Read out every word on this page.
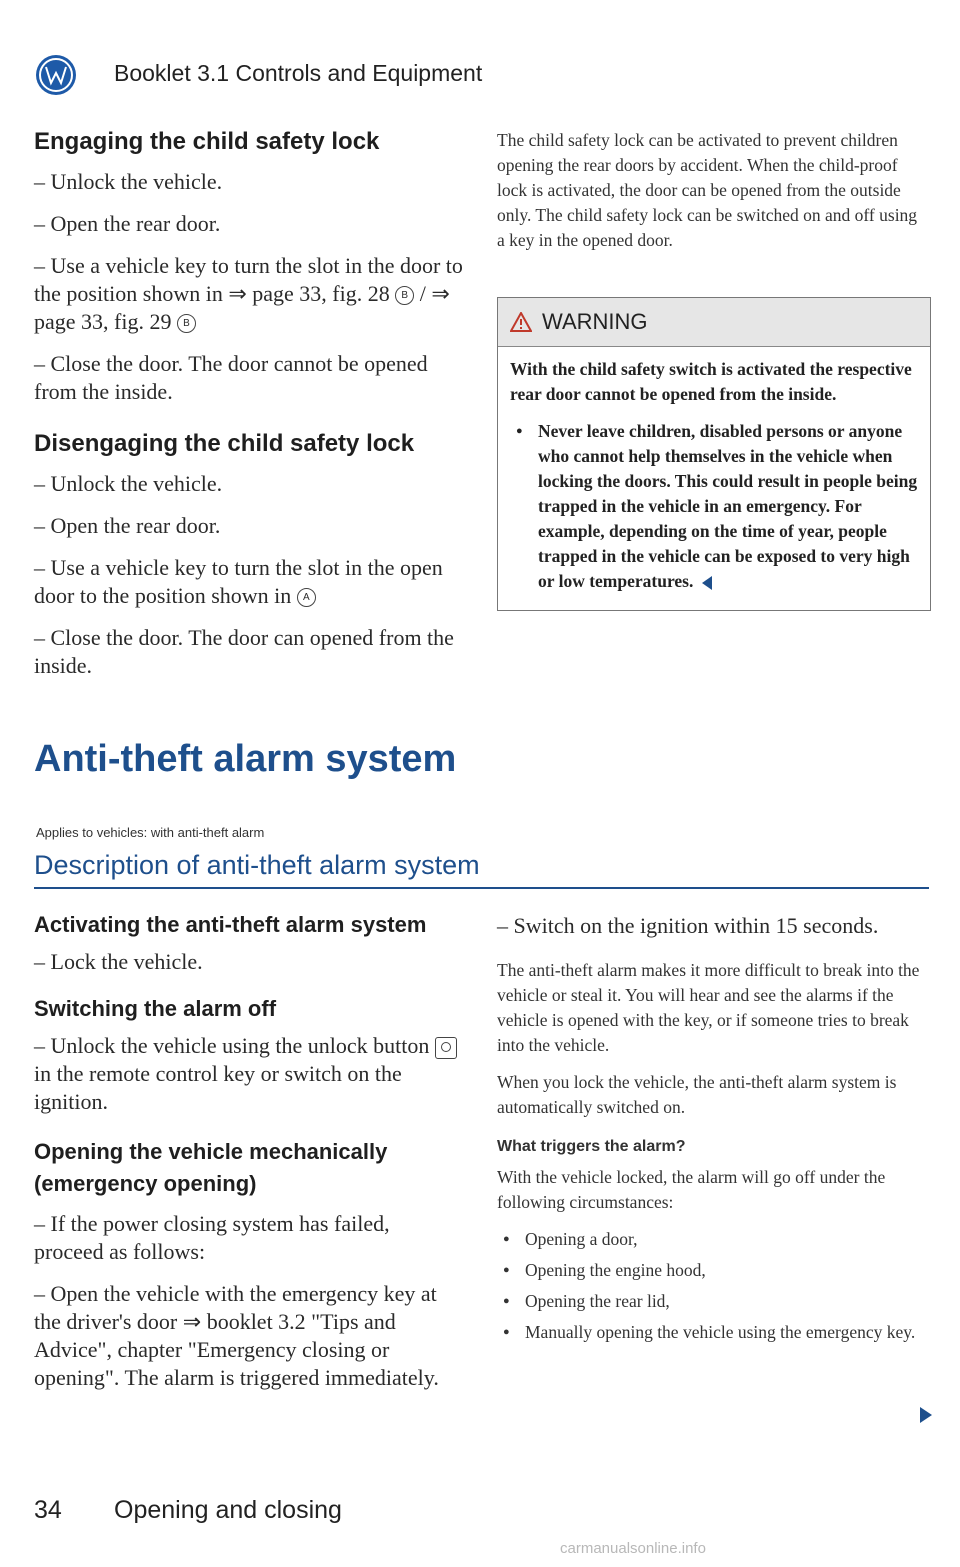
Booklet 3.1 Controls and Equipment
Engaging the child safety lock

– Unlock the vehicle.

– Open the rear door.

– Use a vehicle key to turn the slot in the door to the position shown in ⇒ page 33, fig. 28 B / ⇒ page 33, fig. 29 B

– Close the door. The door cannot be opened from the inside.

Disengaging the child safety lock

– Unlock the vehicle.

– Open the rear door.

– Use a vehicle key to turn the slot in the open door to the position shown in A

– Close the door. The door can opened from the inside.

The child safety lock can be activated to prevent children opening the rear doors by accident. When the child-proof lock is activated, the door can be opened from the outside only. The child safety lock can be switched on and off using a key in the opened door.

WARNING

With the child safety switch is activated the respective rear door cannot be opened from the inside.

● Never leave children, disabled persons or anyone who cannot help themselves in the vehicle when locking the doors. This could result in people being trapped in the vehicle in an emergency. For example, depending on the time of year, people trapped in the vehicle can be exposed to very high or low temperatures.

Anti-theft alarm system
Applies to vehicles: with anti-theft alarm
Description of anti-theft alarm system
Activating the anti-theft alarm system

– Lock the vehicle.

Switching the alarm off

– Unlock the vehicle using the unlock button  in the remote control key or switch on the ignition.

Opening the vehicle mechanically (emergency opening)

– If the power closing system has failed, proceed as follows:

– Open the vehicle with the emergency key at the driver's door ⇒ booklet 3.2 "Tips and Advice", chapter "Emergency closing or opening". The alarm is triggered immediately.

– Switch on the ignition within 15 seconds.

The anti-theft alarm makes it more difficult to break into the vehicle or steal it. You will hear and see the alarms if the vehicle is opened with the key, or if someone tries to break into the vehicle.

When you lock the vehicle, the anti-theft alarm system is automatically switched on.

What triggers the alarm?

With the vehicle locked, the alarm will go off under the following circumstances:

● Opening a door,

● Opening the engine hood,

● Opening the rear lid,

● Manually opening the vehicle using the emergency key.

34 Opening and closing
carmanualsonline.info
